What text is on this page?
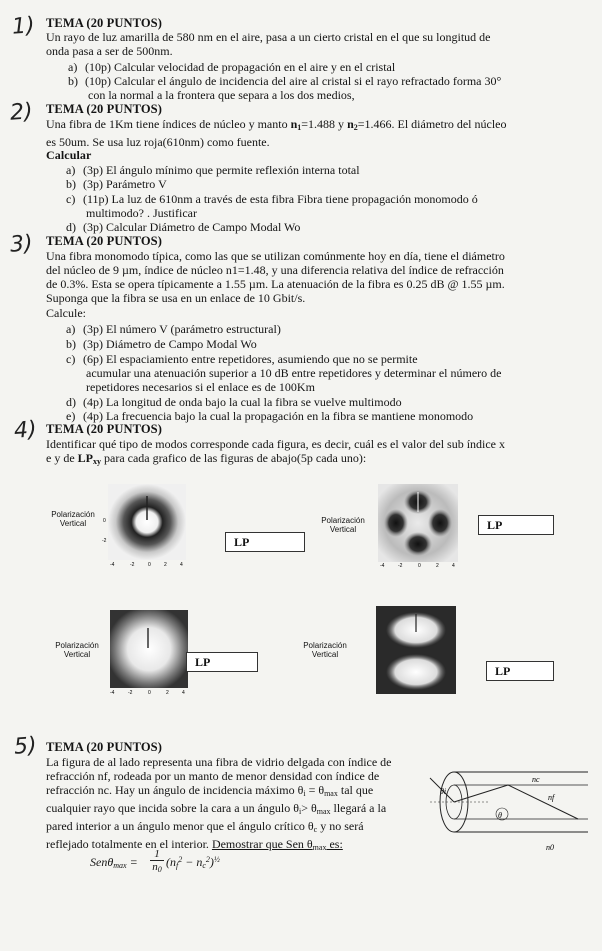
1) TEMA (20 PUNTOS)
Un rayo de luz amarilla de 580 nm en el aire, pasa a un cierto cristal en el que su longitud de
onda pasa a ser de 500nm.
a) (10p) Calcular velocidad de propagación en el aire y en el cristal
b) (10p) Calcular el ángulo de incidencia del aire al cristal si el rayo refractado forma 30°
con la normal a la frontera que separa a los dos medios,
2) TEMA (20 PUNTOS)
Una fibra de 1Km tiene índices de núcleo y manto $n_1=1.488$ y $n_2=1.466$. El diámetro del núcleo
es 50um. Se usa luz roja(610nm) como fuente.
Calcular
a) (3p) El ángulo mínimo que permite reflexión interna total
b) (3p) Parámetro V
c) (11p) La luz de 610nm a través de esta fibra Fibra tiene propagación monomodo ó
multimodo? . Justificar
d) (3p) Calcular Diámetro de Campo Modal Wo
3) TEMA (20 PUNTOS)
Una fibra monomodo típica, como las que se utilizan comúnmente hoy en día, tiene el diámetro
del núcleo de 9 µm, índice de núcleo n1=1.48, y una diferencia relativa del índice de refracción
de 0.3%. Esta se opera típicamente a 1.55 µm. La atenuación de la fibra es 0.25 dB @ 1.55 µm.
Suponga que la fibra se usa en un enlace de 10 Gbit/s.
Calcule:
a) (3p) El número V (parámetro estructural)
b) (3p) Diámetro de Campo Modal Wo
c) (6p) El espaciamiento entre repetidores, asumiendo que no se permite
acumular una atenuación superior a 10 dB entre repetidores y determinar el número de
repetidores necesarios si el enlace es de 100Km
d) (4p) La longitud de onda bajo la cual la fibra se vuelve multimodo
e) (4p) La frecuencia bajo la cual la propagación en la fibra se mantiene monomodo
4) TEMA (20 PUNTOS)
Identificar qué tipo de modos corresponde cada figura, es decir, cuál es el valor del sub índice x
e y de $LP_{xy}$ para cada grafico de las figuras de abajo(5p cada uno):
Polarización
Vertical	0
-2
-4	-2	0	2	4
LP
Polarización
Vertical
-4	-2	0	2	4
LP
Polarización
Vertical
-4	-2	0	2	4
LP
Polarización
Vertical
LP
5) TEMA (20 PUNTOS)
La figura de al lado representa una fibra de vidrio delgada con índice de
refracción nf, rodeada por un manto de menor densidad con índice de
refracción nc. Hay un ángulo de incidencia máximo $\theta_i = \theta_{max}$ tal que
cualquier rayo que incida sobre la cara a un ángulo $\theta_i> \theta_{max}$ llegará a la
pared interior a un ángulo menor que el ángulo crítico $\theta_c$ y no será
reflejado totalmente en el interior. Demostrar que Sen $\theta_{max}$ es:
Senθ$_{max}$ =
1
$n_0$
$(n_f^2 - n_c^2)^{\frac{1}{2}}$
θi
θ
nc
nf
n0
